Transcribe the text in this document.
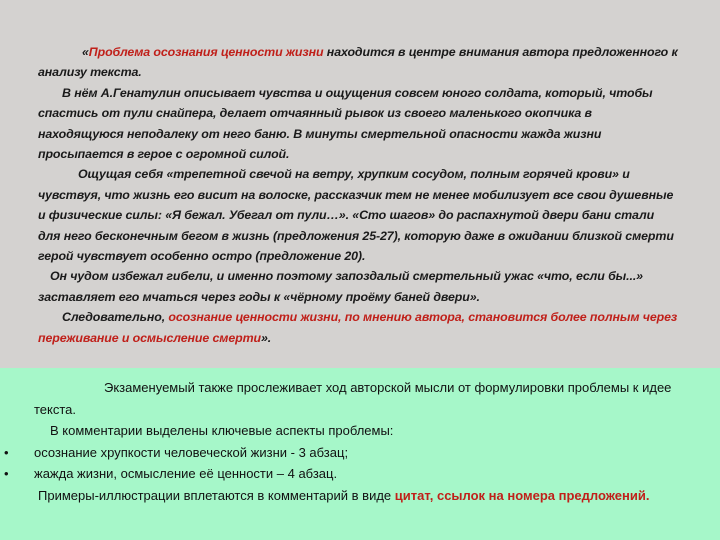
«Проблема осознания ценности жизни находится в центре внимания автора предложенного к анализу текста.

В нём А.Генатулин описывает чувства и ощущения совсем юного солдата, который, чтобы спастись от пули снайпера, делает отчаянный рывок из своего маленького окопчика в находящуюся неподалеку от него баню. В минуты смертельной опасности жажда жизни просыпается в герое с огромной силой.

Ощущая себя «трепетной свечой на ветру, хрупким сосудом, полным горячей крови» и чувствуя, что жизнь его висит на волоске, рассказчик тем не менее мобилизует все свои душевные и физические силы: «Я бежал. Убегал от пули…». «Сто шагов» до распахнутой двери бани стали для него бесконечным бегом в жизнь (предложения 25-27), которую даже в ожидании близкой смерти герой чувствует особенно остро (предложение 20).

Он чудом избежал гибели, и именно поэтому запоздалый смертельный ужас «что, если бы...» заставляет его мчаться через годы к «чёрному проёму баней двери».

Следовательно, осознание ценности жизни, по мнению автора, становится более полным через переживание и осмысление смерти».

Экзаменуемый также прослеживает ход авторской мысли от формулировки проблемы к идее текста.

В комментарии выделены ключевые аспекты проблемы:

• осознание хрупкости человеческой жизни - 3 абзац;

• жажда жизни, осмысление её ценности – 4 абзац.

Примеры-иллюстрации вплетаются в комментарий в виде цитат, ссылок на номера предложений.
